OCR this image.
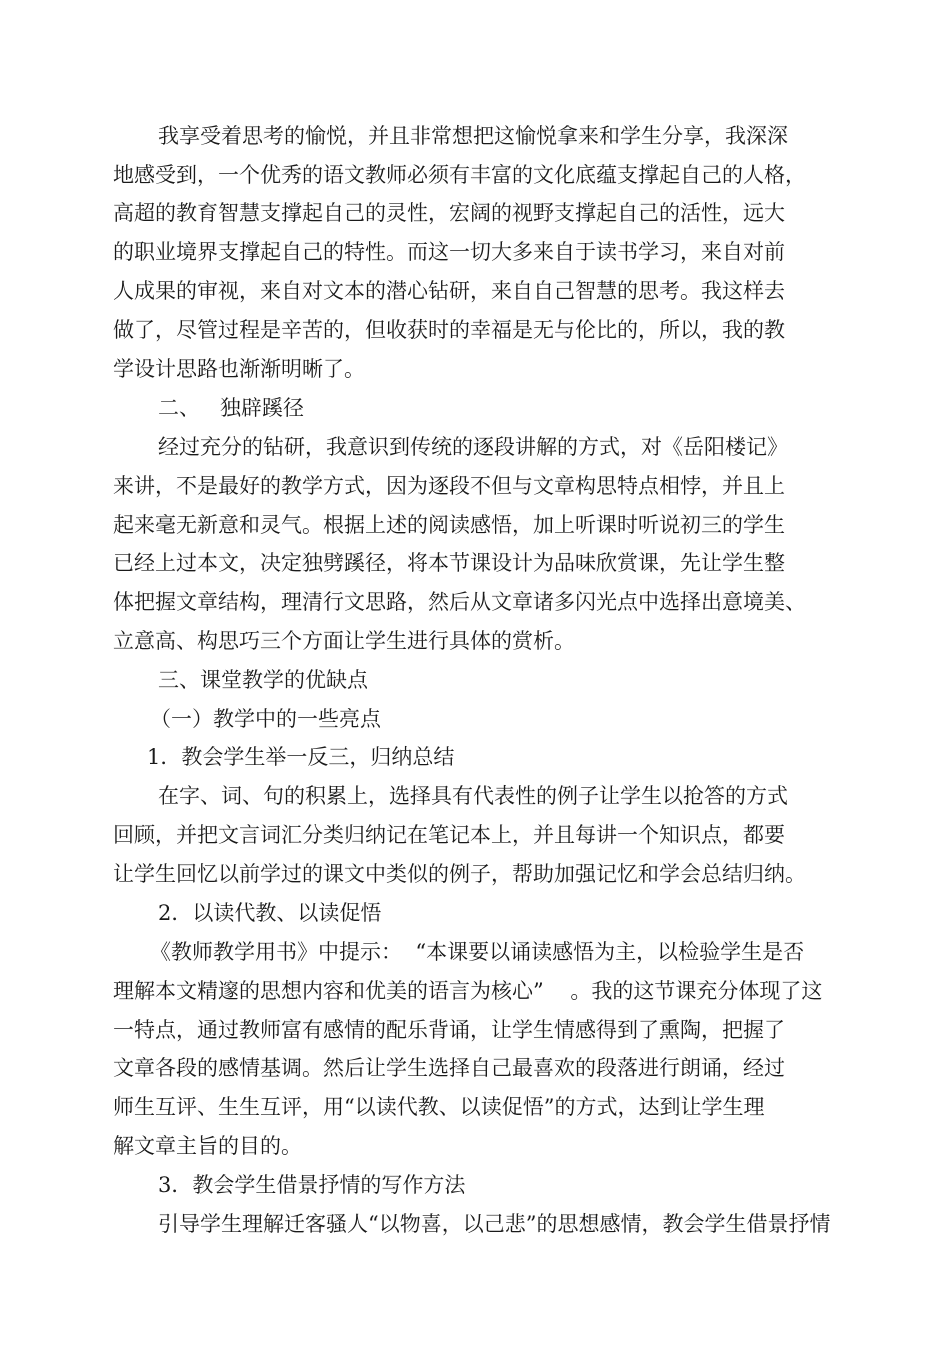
我享受着思考的愉悦，并且非常想把这愉悦拿来和学生分享，我深深
地感受到，一个优秀的语文教师必须有丰富的文化底蕴支撑起自己的人格，
高超的教育智慧支撑起自己的灵性，宏阔的视野支撑起自己的活性，远大
的职业境界支撑起自己的特性。而这一切大多来自于读书学习，来自对前
人成果的审视，来自对文本的潜心钻研，来自自己智慧的思考。我这样去
做了，尽管过程是辛苦的，但收获时的幸福是无与伦比的，所以，我的教
学设计思路也渐渐明晰了。
二、   独辟蹊径
经过充分的钻研，我意识到传统的逐段讲解的方式，对《岳阳楼记》
来讲，不是最好的教学方式，因为逐段不但与文章构思特点相悖，并且上
起来毫无新意和灵气。根据上述的阅读感悟，加上听课时听说初三的学生
已经上过本文，决定独劈蹊径，将本节课设计为品味欣赏课，先让学生整
体把握文章结构，理清行文思路，然后从文章诸多闪光点中选择出意境美、
立意高、构思巧三个方面让学生进行具体的赏析。
三、课堂教学的优缺点
（一）教学中的一些亮点
1．教会学生举一反三，归纳总结
在字、词、句的积累上，选择具有代表性的例子让学生以抢答的方式
回顾，并把文言词汇分类归纳记在笔记本上，并且每讲一个知识点，都要
让学生回忆以前学过的课文中类似的例子，帮助加强记忆和学会总结归纳。
2．以读代教、以读促悟
《教师教学用书》中提示：  “本课要以诵读感悟为主，以检验学生是否
理解本文精邃的思想内容和优美的语言为核心”    。我的这节课充分体现了这
一特点，通过教师富有感情的配乐背诵，让学生情感得到了熏陶，把握了
文章各段的感情基调。然后让学生选择自己最喜欢的段落进行朗诵，经过
师生互评、生生互评，用“以读代教、以读促悟”的方式，达到让学生理
解文章主旨的目的。
3．教会学生借景抒情的写作方法
引导学生理解迁客骚人“以物喜，以己悲”的思想感情，教会学生借景抒情
